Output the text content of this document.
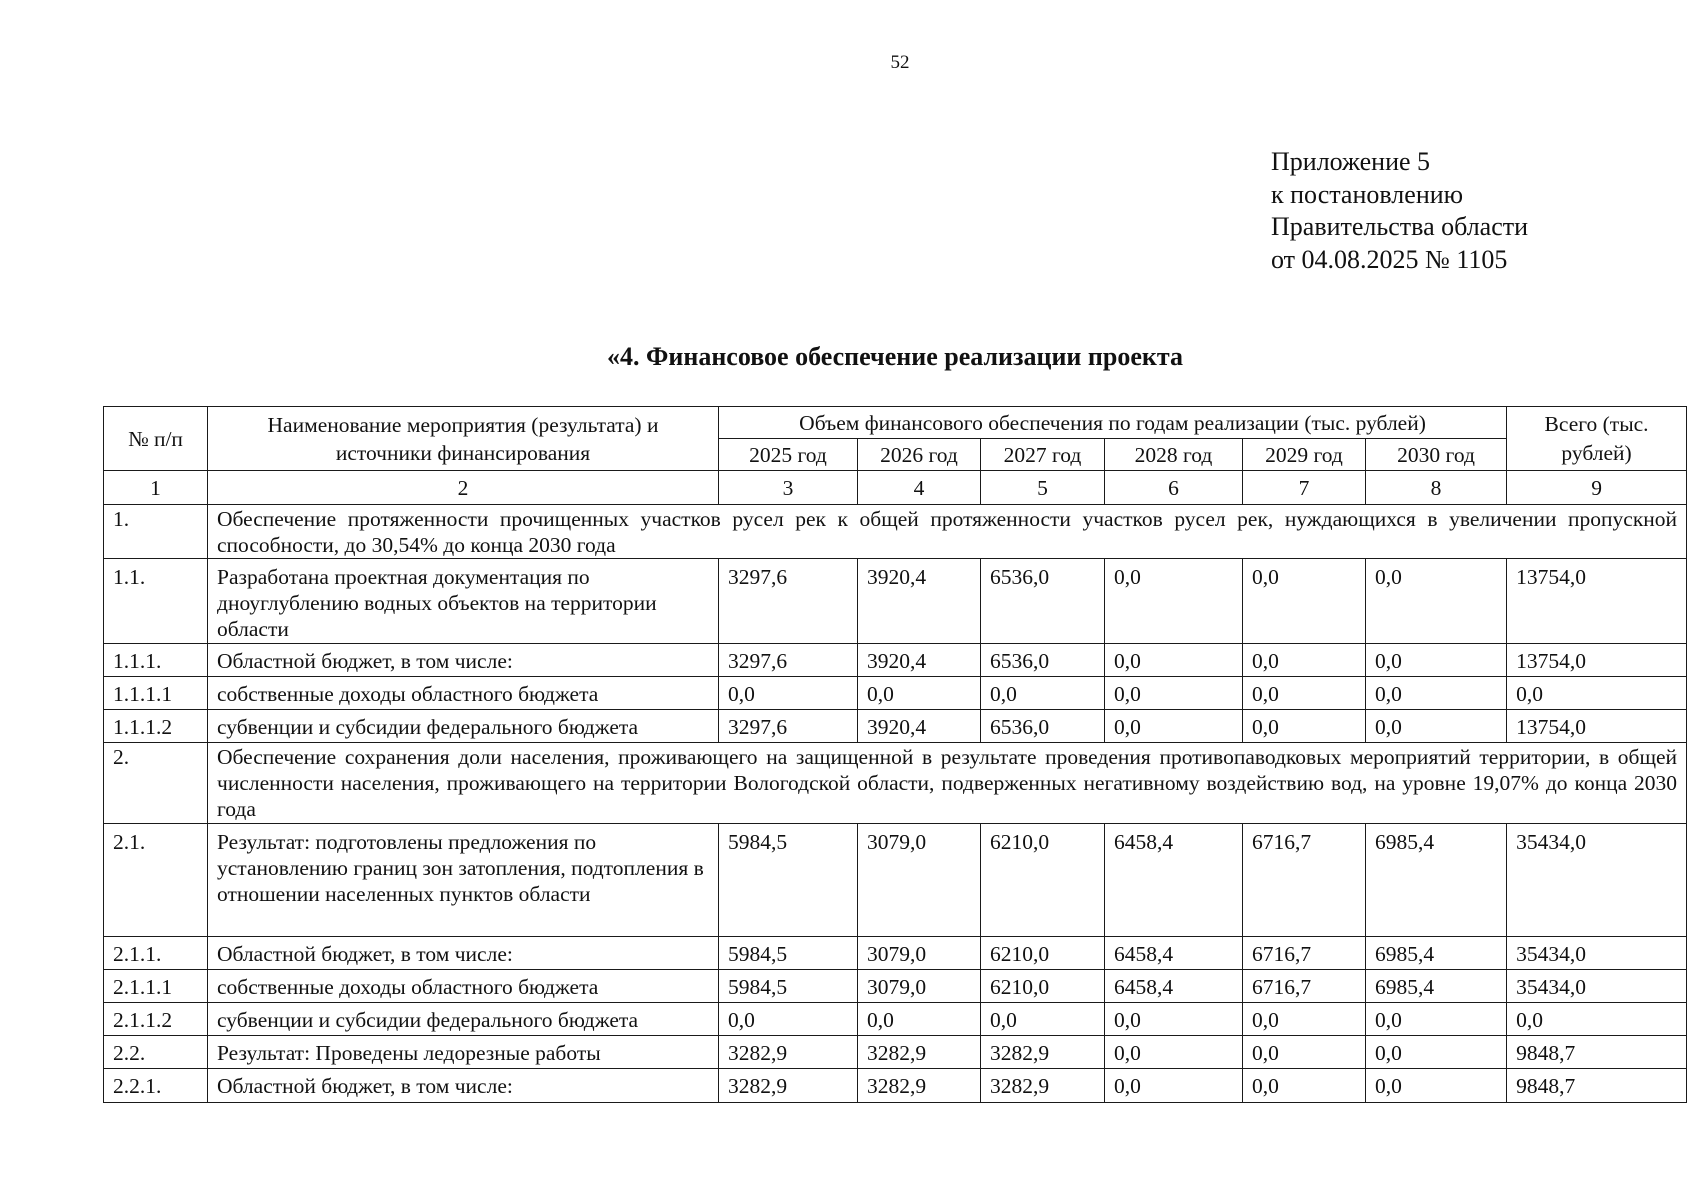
52
Приложение 5
к постановлению
Правительства области
от 04.08.2025 № 1105
«4. Финансовое обеспечение реализации проекта
№ п/п	Наименование мероприятия (результата) и источники финансирования	Объем финансового обеспечения по годам реализации (тыс. рублей)						Всего (тыс. рублей)
		2025 год	2026 год	2027 год	2028 год	2029 год	2030 год	
1	2	3	4	5	6	7	8	9
1.	Обеспечение протяженности прочищенных участков русел рек к общей протяженности участков русел рек, нуждающихся в увеличении пропускной способности, до 30,54% до конца 2030 года							
1.1.	Разработана проектная документация по дноуглублению водных объектов на территории области	3297,6	3920,4	6536,0	0,0	0,0	0,0	13754,0
1.1.1.	Областной бюджет, в том числе:	3297,6	3920,4	6536,0	0,0	0,0	0,0	13754,0
1.1.1.1	собственные доходы областного бюджета	0,0	0,0	0,0	0,0	0,0	0,0	0,0
1.1.1.2	субвенции и субсидии федерального бюджета	3297,6	3920,4	6536,0	0,0	0,0	0,0	13754,0
2.	Обеспечение сохранения доли населения, проживающего на защищенной в результате проведения противопаводковых мероприятий территории, в общей численности населения, проживающего на территории Вологодской области, подверженных негативному воздействию вод, на уровне 19,07% до конца 2030 года							
2.1.	Результат: подготовлены предложения по установлению границ зон затопления, подтопления в отношении населенных пунктов области	5984,5	3079,0	6210,0	6458,4	6716,7	6985,4	35434,0
2.1.1.	Областной бюджет, в том числе:	5984,5	3079,0	6210,0	6458,4	6716,7	6985,4	35434,0
2.1.1.1	собственные доходы областного бюджета	5984,5	3079,0	6210,0	6458,4	6716,7	6985,4	35434,0
2.1.1.2	субвенции и субсидии федерального бюджета	0,0	0,0	0,0	0,0	0,0	0,0	0,0
2.2.	Результат: Проведены ледорезные работы	3282,9	3282,9	3282,9	0,0	0,0	0,0	9848,7
2.2.1.	Областной бюджет, в том числе:	3282,9	3282,9	3282,9	0,0	0,0	0,0	9848,7
